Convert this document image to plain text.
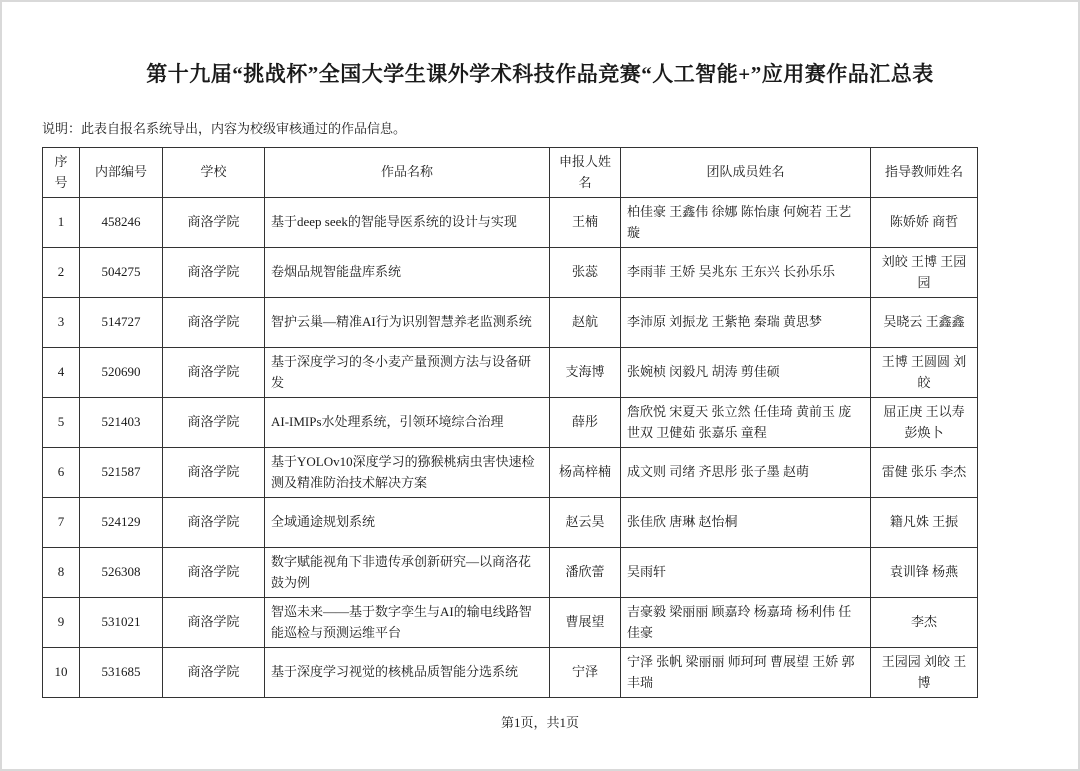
第十九届“挑战杯”全国大学生课外学术科技作品竞赛“人工智能+”应用赛作品汇总表
说明：此表自报名系统导出，内容为校级审核通过的作品信息。
序号	内部编号	学校	作品名称	申报人姓名	团队成员姓名	指导教师姓名
1	458246	商洛学院	基于deep seek的智能导医系统的设计与实现	王楠	柏佳豪 王鑫伟 徐娜 陈怡康 何婉若 王艺璇	陈娇娇 商哲
2	504275	商洛学院	卷烟品规智能盘库系统	张蕊	李雨菲 王娇 吴兆东 王东兴 长孙乐乐	刘皎 王博 王园园
3	514727	商洛学院	智护云巢—精准AI行为识别智慧养老监测系统	赵航	李沛原 刘振龙 王紫艳 秦瑞 黄思梦	吴晓云 王鑫鑫
4	520690	商洛学院	基于深度学习的冬小麦产量预测方法与设备研发	支海博	张婉桢 闵毅凡 胡涛 剪佳硕	王博 王圆圆 刘皎
5	521403	商洛学院	AI-IMIPs水处理系统，引领环境综合治理	薛彤	詹欣悦 宋夏天 张立然 任佳琦 黄前玉 庞世双 卫健茹 张嘉乐 童程	屈正庚 王以寿 彭焕卜
6	521587	商洛学院	基于YOLOv10深度学习的猕猴桃病虫害快速检测及精准防治技术解决方案	杨高梓楠	成文则 司绪 齐思彤 张子墨 赵萌	雷健 张乐 李杰
7	524129	商洛学院	全域通途规划系统	赵云昊	张佳欣 唐琳 赵怡桐	籍凡姝 王振
8	526308	商洛学院	数字赋能视角下非遗传承创新研究—以商洛花鼓为例	潘欣蕾	吴雨轩	袁训锋 杨燕
9	531021	商洛学院	智巡未来——基于数字孪生与AI的输电线路智能巡检与预测运维平台	曹展望	吉豪毅 梁丽丽 顾嘉玲 杨嘉琦 杨利伟 任佳豪	李杰
10	531685	商洛学院	基于深度学习视觉的核桃品质智能分选系统	宁泽	宁泽 张帆 梁丽丽 师珂珂 曹展望 王娇 郭丰瑞	王园园 刘皎 王博
第1页，共1页
